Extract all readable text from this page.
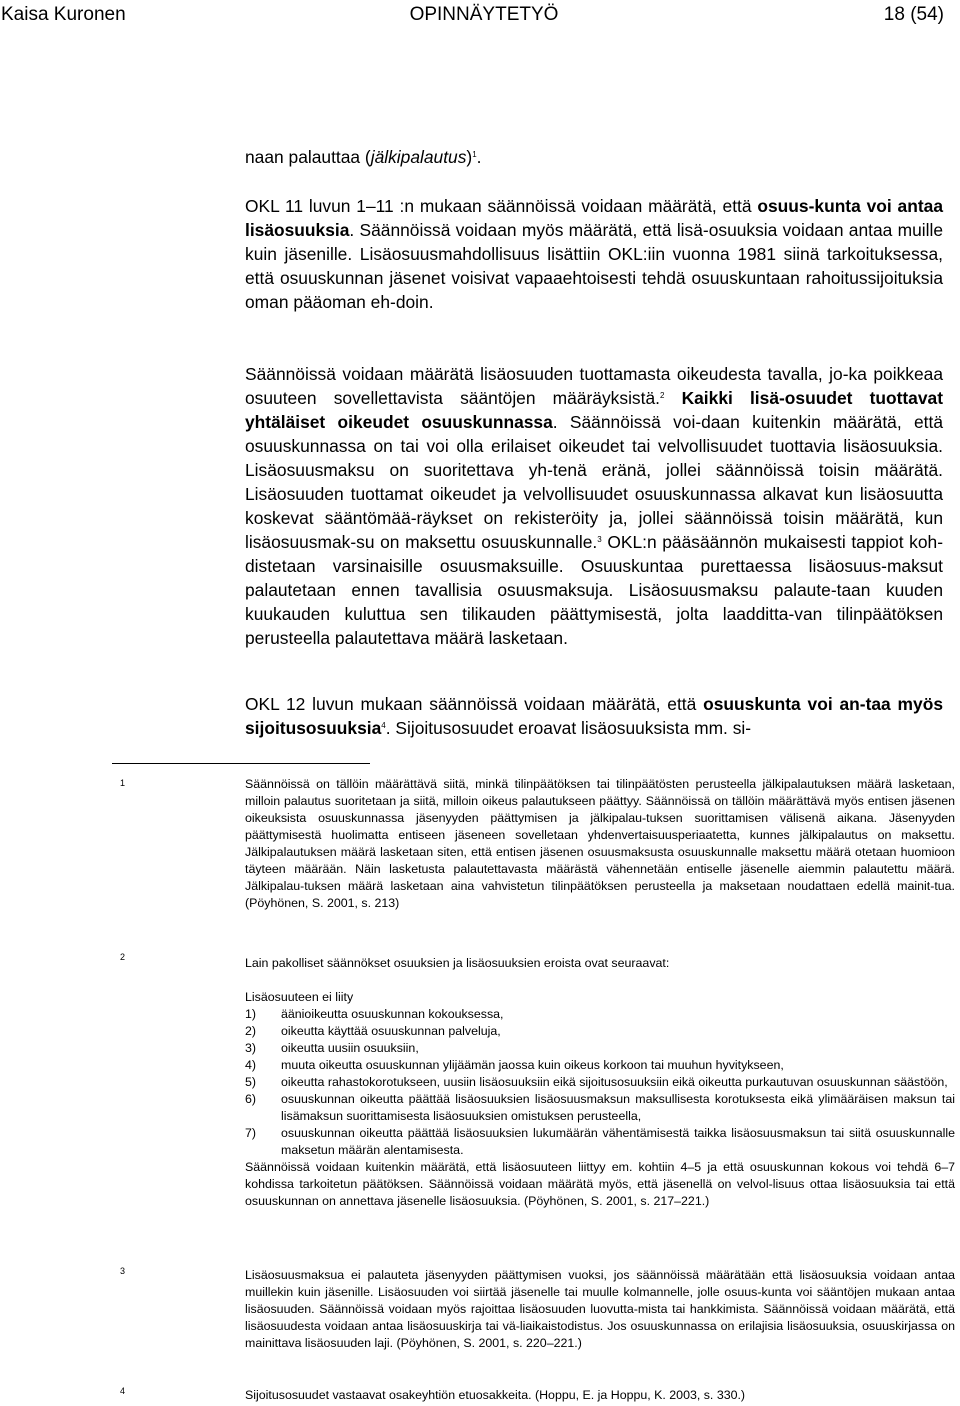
Kaisa Kuronen	OPINNÄYTETYÖ	18 (54)

naan palauttaa (jälkipalautus)$^1$.

OKL 11 luvun 1–11 :n mukaan säännöissä voidaan määrätä, että osuus-kunta voi antaa lisäosuuksia. Säännöissä voidaan myös määrätä, että lisä-osuuksia voidaan antaa muille kuin jäsenille. Lisäosuusmahdollisuus lisättiin OKL:iin vuonna 1981 siinä tarkoituksessa, että osuuskunnan jäsenet voisivat vapaaehtoisesti tehdä osuuskuntaan rahoitussijoituksia oman pääoman eh-doin.

Säännöissä voidaan määrätä lisäosuuden tuottamasta oikeudesta tavalla, jo-ka poikkeaa osuuteen sovellettavista sääntöjen määräyksistä.$^2$ Kaikki lisä-osuudet tuottavat yhtäläiset oikeudet osuuskunnassa. Säännöissä voi-daan kuitenkin määrätä, että osuuskunnassa on tai voi olla erilaiset oikeudet tai velvollisuudet tuottavia lisäosuuksia. Lisäosuusmaksu on suoritettava yh-tenä eränä, jollei säännöissä toisin määrätä. Lisäosuuden tuottamat oikeudet ja velvollisuudet osuuskunnassa alkavat kun lisäosuutta koskevat sääntömää-räykset on rekisteröity ja, jollei säännöissä toisin määrätä, kun lisäosuusmak-su on maksettu osuuskunnalle.$^3$ OKL:n pääsäännön mukaisesti tappiot koh-distetaan varsinaisille osuusmaksuille. Osuuskuntaa purettaessa lisäosuus-maksut palautetaan ennen tavallisia osuusmaksuja. Lisäosuusmaksu palaute-taan kuuden kuukauden kuluttua sen tilikauden päättymisestä, jolta laadditta-van tilinpäätöksen perusteella palautettava määrä lasketaan.

OKL 12 luvun mukaan säännöissä voidaan määrätä, että osuuskunta voi an-taa myös sijoitusosuuksia$^4$. Sijoitusosuudet eroavat lisäosuuksista mm. si-

1	Säännöissä on tällöin määrättävä siitä, minkä tilinpäätöksen tai tilinpäätösten perusteella jälkipalautuksen määrä lasketaan, milloin palautus suoritetaan ja siitä, milloin oikeus palautukseen päättyy. Säännöissä on tällöin määrättävä myös entisen jäsenen oikeuksista osuuskunnassa jäsenyyden päättymisen ja jälkipalau-tuksen suorittamisen välisenä aikana. Jäsenyyden päättymisestä huolimatta entiseen jäseneen sovelletaan yhdenvertaisuusperiaatetta, kunnes jälkipalautus on maksettu. Jälkipalautuksen määrä lasketaan siten, että entisen jäsenen osuusmaksusta osuuskunnalle maksettu määrä otetaan huomioon täyteen määrään. Näin lasketusta palautettavasta määrästä vähennetään entiselle jäsenelle aiemmin palautettu määrä. Jälkipalau-tuksen määrä lasketaan aina vahvistetun tilinpäätöksen perusteella ja maksetaan noudattaen edellä mainit-tua. (Pöyhönen, S. 2001, s. 213)

2	Lain pakolliset säännökset osuuksien ja lisäosuuksien eroista ovat seuraavat:

Lisäosuuteen ei liity

1)	äänioikeutta osuuskunnan kokouksessa,
2)	oikeutta käyttää osuuskunnan palveluja,
3)	oikeutta uusiin osuuksiin,
4)	muuta oikeutta osuuskunnan ylijäämän jaossa kuin oikeus korkoon tai muuhun hyvitykseen,
5)	oikeutta rahastokorotukseen, uusiin lisäosuuksiin eikä sijoitusosuuksiin eikä oikeutta purkautuvan osuuskunnan säästöön,
6)	osuuskunnan oikeutta päättää lisäosuuksien lisäosuusmaksun maksullisesta korotuksesta eikä ylimääräisen maksun tai lisämaksun suorittamisesta lisäosuuksien omistuksen perusteella,
7)	osuuskunnan oikeutta päättää lisäosuuksien lukumäärän vähentämisestä taikka lisäosuusmaksun tai siitä osuuskunnalle maksetun määrän alentamisesta.

Säännöissä voidaan kuitenkin määrätä, että lisäosuuteen liittyy em. kohtiin 4–5 ja että osuuskunnan kokous voi tehdä 6–7 kohdissa tarkoitetun päätöksen. Säännöissä voidaan määrätä myös, että jäsenellä on velvol-lisuus ottaa lisäosuuksia tai että osuuskunnan on annettava jäsenelle lisäosuuksia. (Pöyhönen, S. 2001, s. 217–221.)

3	Lisäosuusmaksua ei palauteta jäsenyyden päättymisen vuoksi, jos säännöissä määrätään että lisäosuuksia voidaan antaa muillekin kuin jäsenille. Lisäosuuden voi siirtää jäsenelle tai muulle kolmannelle, jolle osuus-kunta voi sääntöjen mukaan antaa lisäosuuden. Säännöissä voidaan myös rajoittaa lisäosuuden luovutta-mista tai hankkimista. Säännöissä voidaan määrätä, että lisäosuudesta voidaan antaa lisäosuuskirja tai vä-liaikaistodistus. Jos osuuskunnassa on erilajisia lisäosuuksia, osuuskirjassa on mainittava lisäosuuden laji. (Pöyhönen, S. 2001, s. 220–221.)

4	Sijoitusosuudet vastaavat osakeyhtiön etuosakkeita. (Hoppu, E. ja Hoppu, K. 2003, s. 330.)
